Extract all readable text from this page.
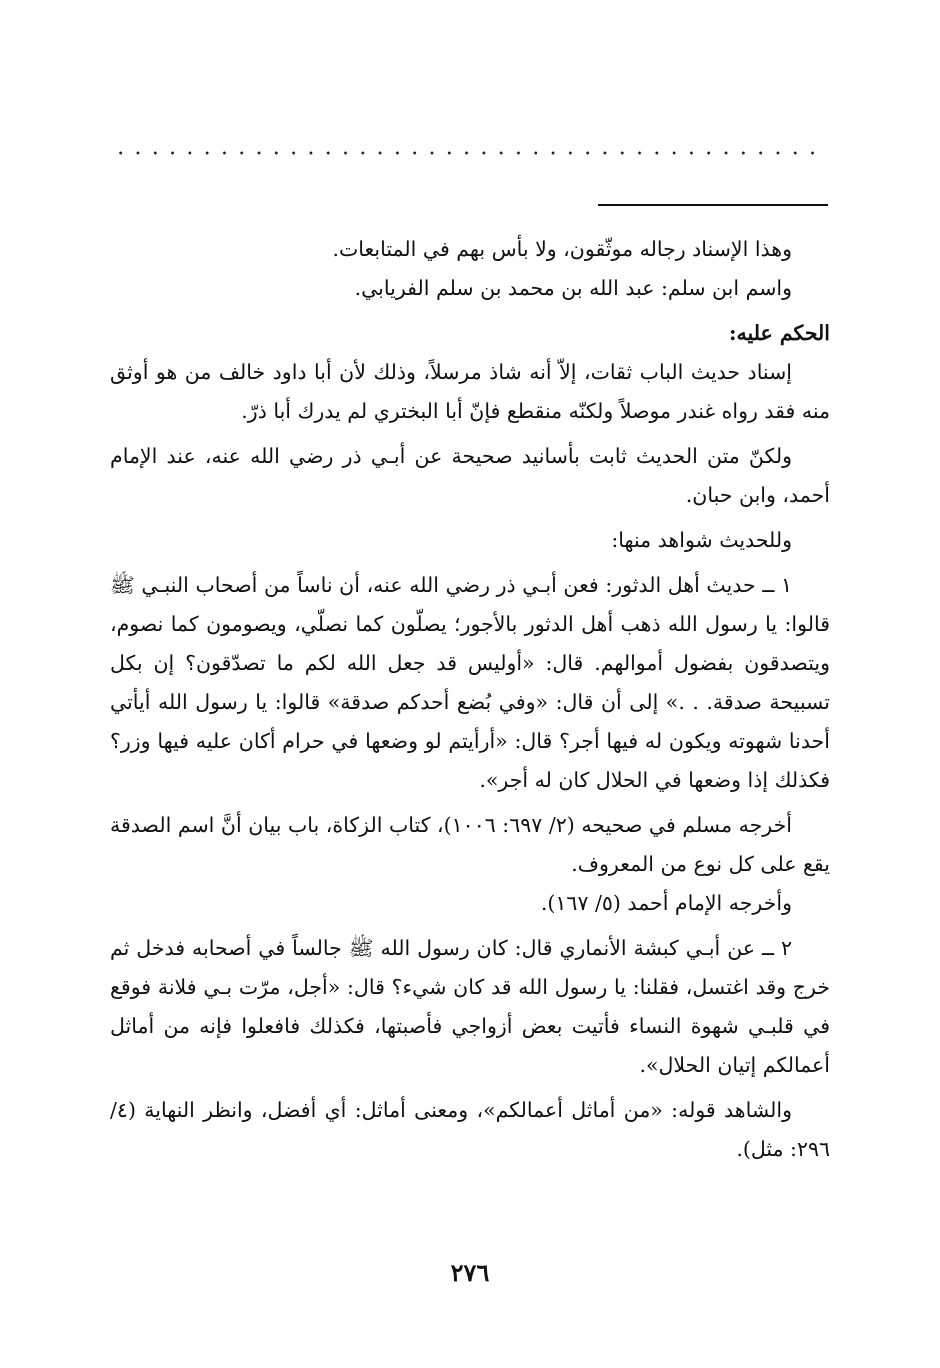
وهذا الإسناد رجاله موثّقون، ولا بأس بهم في المتابعات.

واسم ابن سلم: عبد الله بن محمد بن سلم الفريابي.

الحكم عليه:

إسناد حديث الباب ثقات، إلاّ أنه شاذ مرسلاً، وذلك لأن أبا داود خالف من هو أوثق منه فقد رواه غندر موصلاً ولكنّه منقطع فإنّ أبا البختري لم يدرك أبا ذرّ.

ولكنّ متن الحديث ثابت بأسانيد صحيحة عن أبـي ذر رضي الله عنه، عند الإمام أحمد، وابن حبان.

وللحديث شواهد منها:

١ ــ حديث أهل الدثور: فعن أبـي ذر رضي الله عنه، أن ناساً من أصحاب النبـي ﷺ قالوا: يا رسول الله ذهب أهل الدثور بالأجور؛ يصلّون كما نصلّي، ويصومون كما نصوم، ويتصدقون بفضول أموالهم. قال: «أوليس قد جعل الله لكم ما تصدّقون؟ إن بكل تسبيحة صدقة. . .» إلى أن قال: «وفي بُضع أحدكم صدقة» قالوا: يا رسول الله أيأتي أحدنا شهوته ويكون له فيها أجر؟ قال: «أرأيتم لو وضعها في حرام أكان عليه فيها وزر؟ فكذلك إذا وضعها في الحلال كان له أجر».

أخرجه مسلم في صحيحه (٢/ ٦٩٧: ١٠٠٦)، كتاب الزكاة، باب بيان أنَّ اسم الصدقة يقع على كل نوع من المعروف.

وأخرجه الإمام أحمد (٥/ ١٦٧).

٢ ــ عن أبـي كبشة الأنماري قال: كان رسول الله ﷺ جالساً في أصحابه فدخل ثم خرج وقد اغتسل، فقلنا: يا رسول الله قد كان شيء؟ قال: «أجل، مرّت بـي فلانة فوقع في قلبـي شهوة النساء فأتيت بعض أزواجي فأصبتها، فكذلك فافعلوا فإنه من أماثل أعمالكم إتيان الحلال».

والشاهد قوله: «من أماثل أعمالكم»، ومعنى أماثل: أي أفضل، وانظر النهاية (٤/ ٢٩٦: مثل).

٢٧٦
